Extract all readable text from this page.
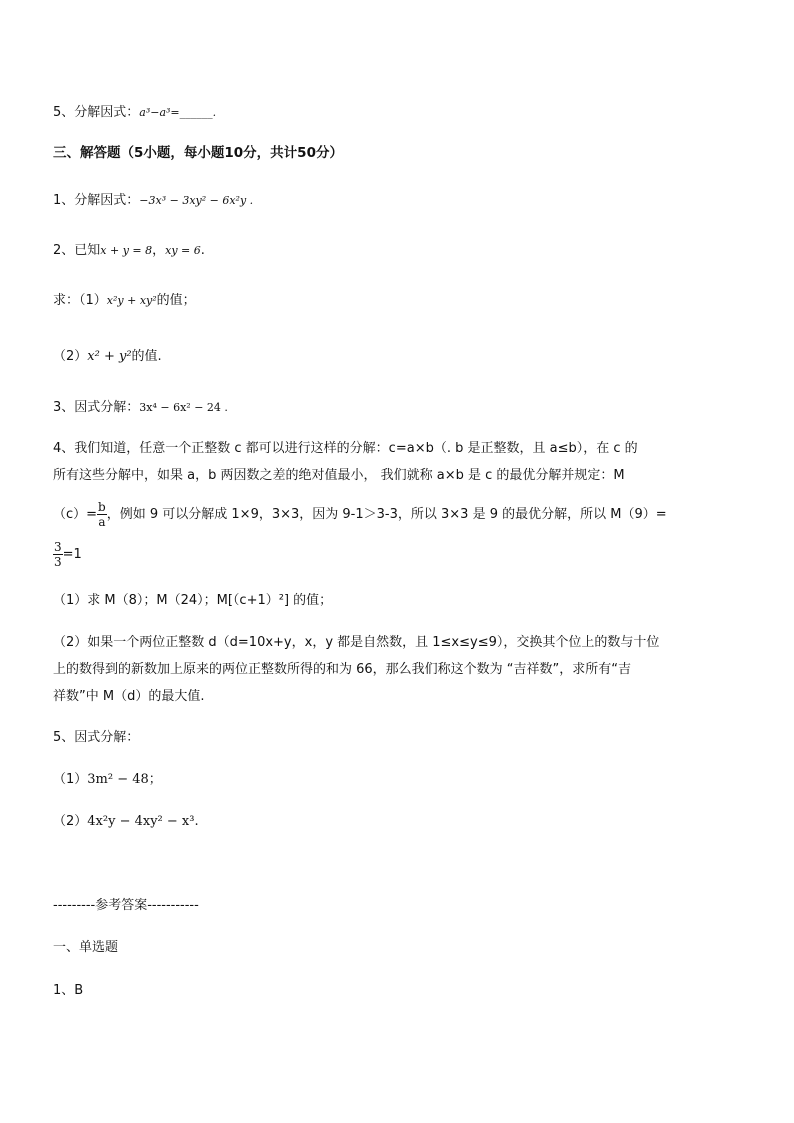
5、分解因式：a³−a³=______.
三、解答题（5小题，每小题10分，共计50分）
1、分解因式：−3x³ − 3xy² − 6x²y .
2、已知x + y = 8，xy = 6.
求：（1）x²y + xy²的值；
（2）x² + y²的值.
3、因式分解：3x⁴ − 6x² − 24 .
4、我们知道，任意一个正整数 c 都可以进行这样的分解：c=a×b（. b 是正整数，且 a≤b），在 c 的
所有这些分解中，如果 a，b 两因数之差的绝对值最小， 我们就称 a×b 是 c 的最优分解并规定：M
$(c)= \frac{b}{a}$ ，例如 9 可以分解成 1×9，3×3，因为 9-1＞3-3，所以 3×3 是 9 的最优分解，所以 M（9）=
$\frac{3}{3} =1$
（1）求 M（8）；M（24）；M[（c+1）²] 的值；
（2）如果一个两位正整数 d（d=10x+y，x，y 都是自然数，且 1≤x≤y≤9），交换其个位上的数与十位
上的数得到的新数加上原来的两位正整数所得的和为 66，那么我们称这个数为 “吉祥数”，求所有“吉
祥数”中 M（d）的最大值.
5、因式分解：
（1）3m² − 48；
（2）4x²y − 4xy² − x³.
---------参考答案-----------
一、单选题
1、B
